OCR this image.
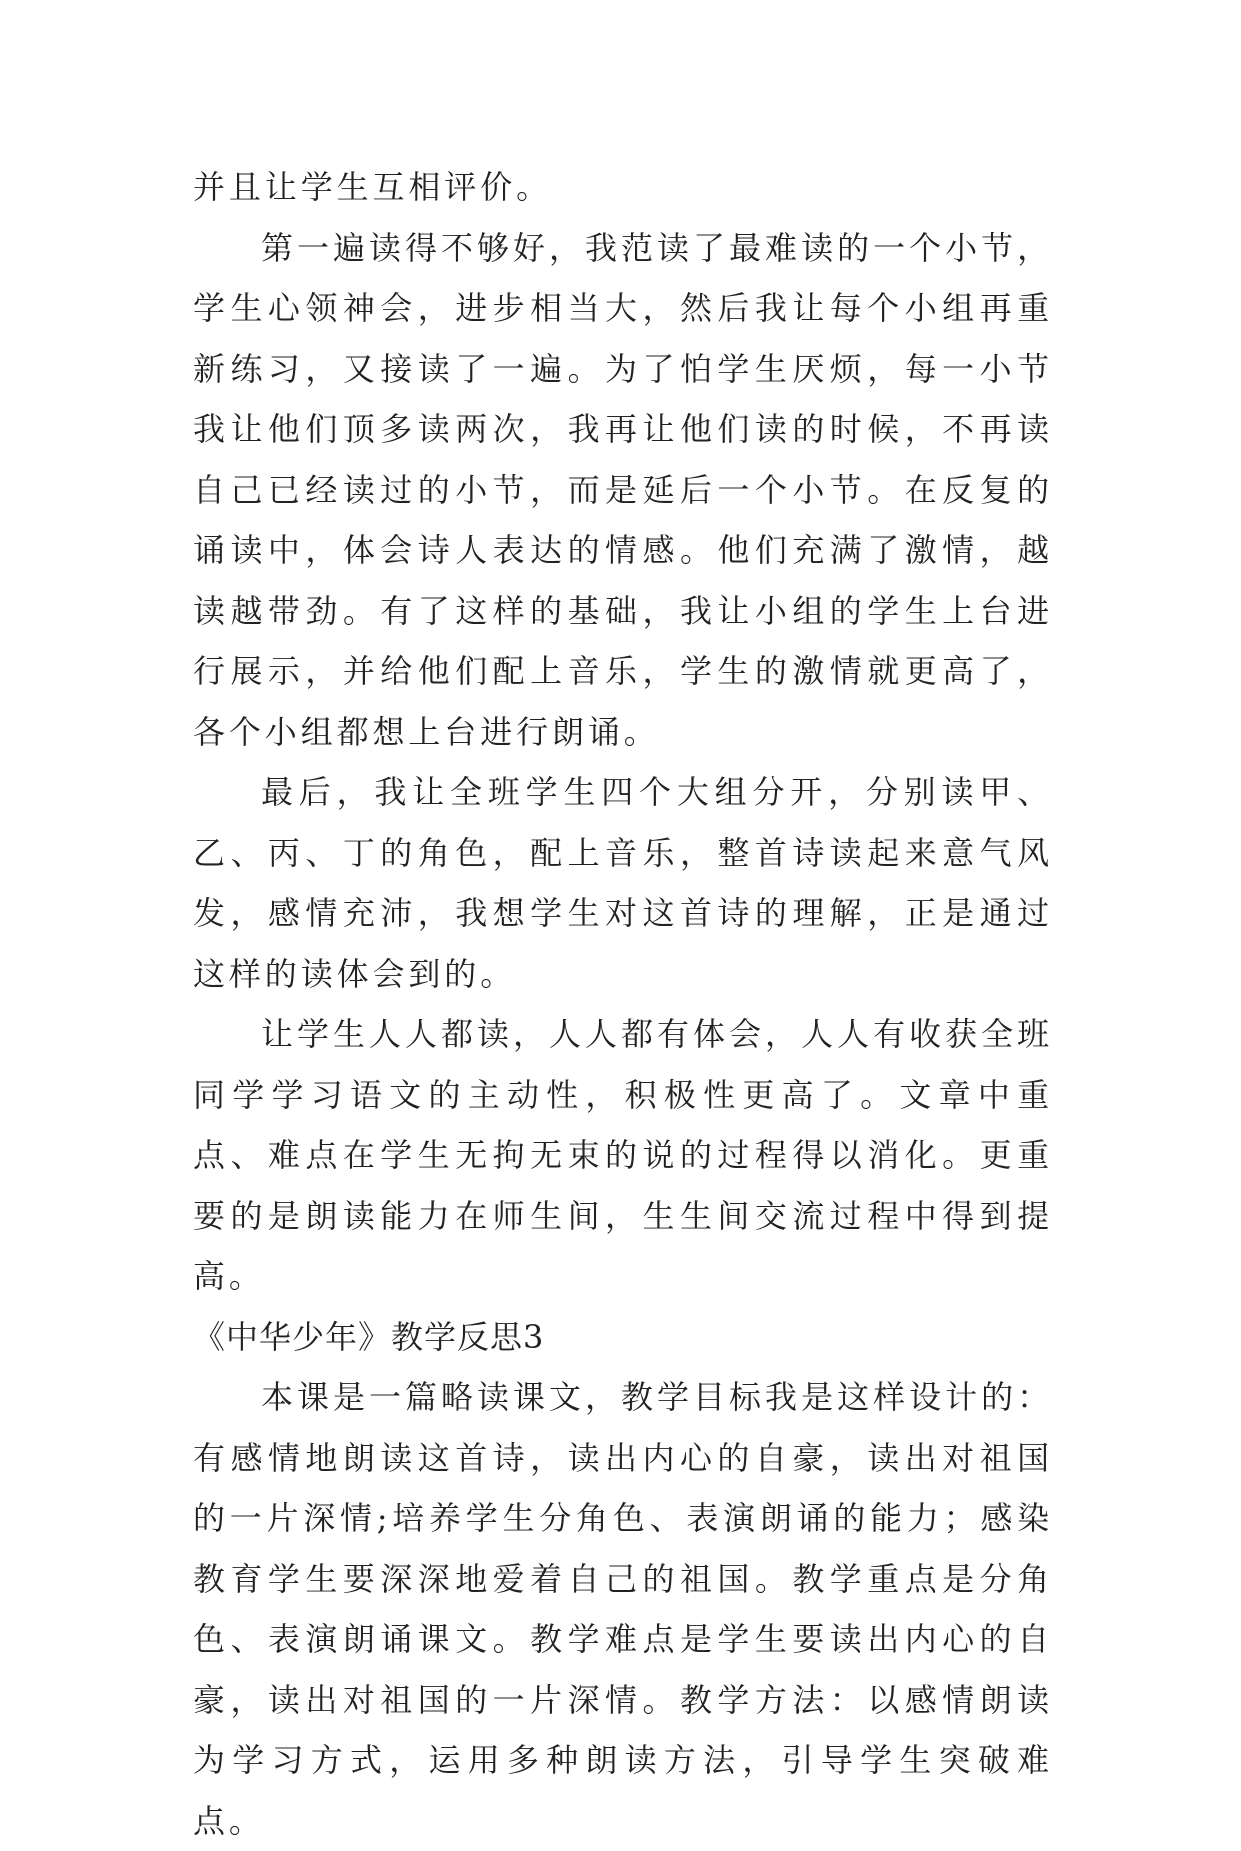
并且让学生互相评价。

第一遍读得不够好，我范读了最难读的一个小节，学生心领神会，进步相当大，然后我让每个小组再重新练习，又接读了一遍。为了怕学生厌烦，每一小节我让他们顶多读两次，我再让他们读的时候，不再读自己已经读过的小节，而是延后一个小节。在反复的诵读中，体会诗人表达的情感。他们充满了激情，越读越带劲。有了这样的基础，我让小组的学生上台进行展示，并给他们配上音乐，学生的激情就更高了，各个小组都想上台进行朗诵。

最后，我让全班学生四个大组分开，分别读甲、乙、丙、丁的角色，配上音乐，整首诗读起来意气风发，感情充沛，我想学生对这首诗的理解，正是通过这样的读体会到的。

让学生人人都读，人人都有体会，人人有收获全班同学学习语文的主动性，积极性更高了。文章中重点、难点在学生无拘无束的说的过程得以消化。更重要的是朗读能力在师生间，生生间交流过程中得到提高。

《中华少年》教学反思3

本课是一篇略读课文，教学目标我是这样设计的：有感情地朗读这首诗，读出内心的自豪，读出对祖国的一片深情;培养学生分角色、表演朗诵的能力；感染教育学生要深深地爱着自己的祖国。教学重点是分角色、表演朗诵课文。教学难点是学生要读出内心的自豪，读出对祖国的一片深情。教学方法：以感情朗读为学习方式，运用多种朗读方法，引导学生突破难点。
